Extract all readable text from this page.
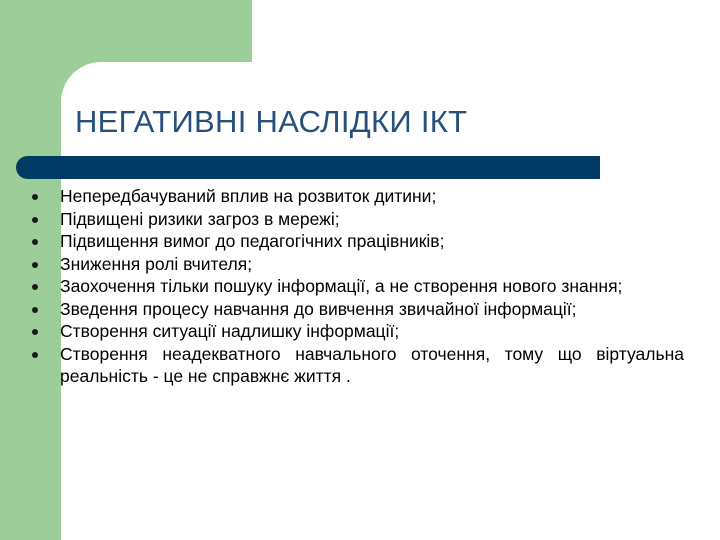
НЕГАТИВНІ НАСЛІДКИ ІКТ
Непередбачуваний вплив на розвиток дитини;
Підвищені ризики загроз в мережі;
Підвищення вимог до педагогічних працівників;
Зниження ролі вчителя;
Заохочення тільки пошуку інформації, а не створення нового знання;
Зведення процесу навчання до вивчення звичайної інформації;
Створення ситуації надлишку інформації;
Створення неадекватного навчального оточення, тому що віртуальна реальність - це не справжнє життя .
